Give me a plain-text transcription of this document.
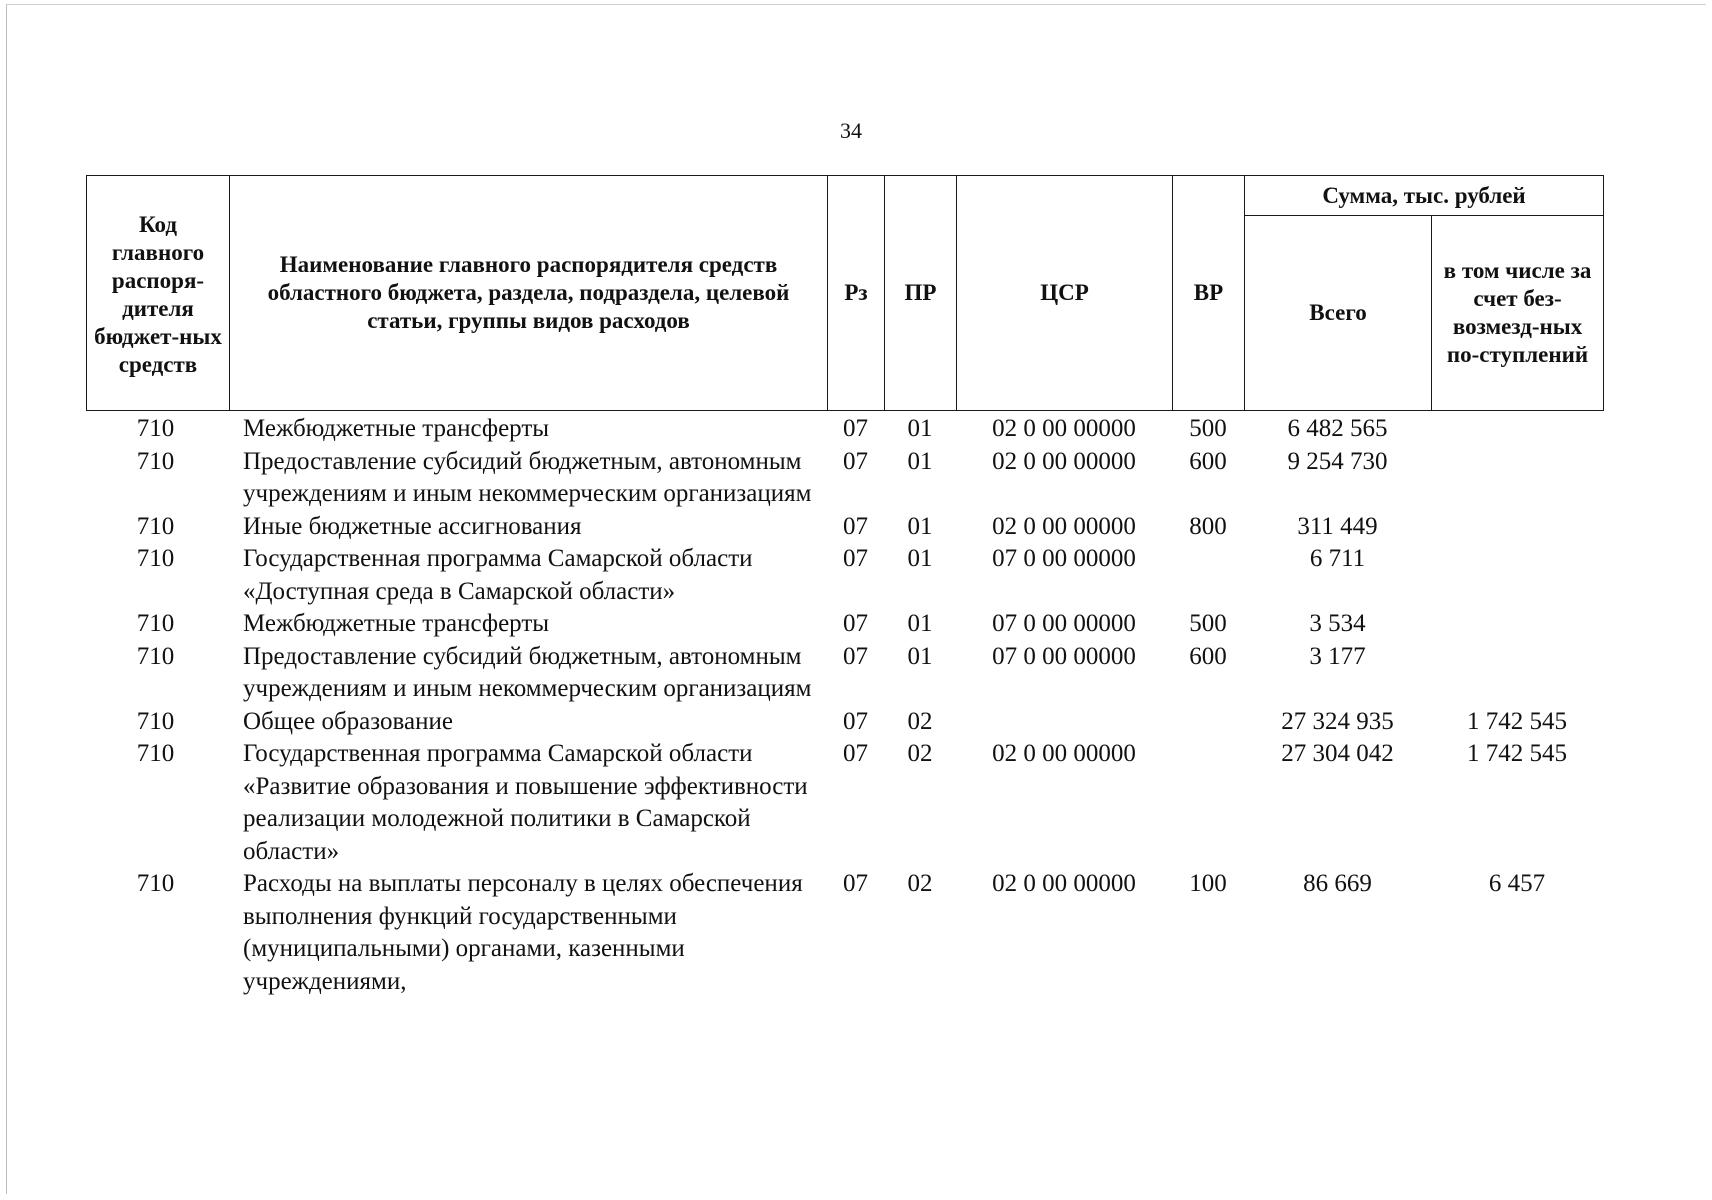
34
Код главного распоря-дителя бюджет-ных средств	Наименование главного распорядителя средств областного бюджета, раздела, подраздела, целевой статьи, группы видов расходов	Рз	ПР	ЦСР	ВР	Сумма, тыс. рублей	
						Всего	в том числе за счет без-возмезд-ных по-ступлений
710	Межбюджетные трансферты	07	01	02 0 00 00000	500	6 482 565	
710	Предоставление субсидий бюджетным, автономным учреждениям и иным некоммерческим организациям	07	01	02 0 00 00000	600	9 254 730	
710	Иные бюджетные ассигнования	07	01	02 0 00 00000	800	311 449	
710	Государственная программа Самарской области «Доступная среда в Самарской области»	07	01	07 0 00 00000		6 711	
710	Межбюджетные трансферты	07	01	07 0 00 00000	500	3 534	
710	Предоставление субсидий бюджетным, автономным учреждениям и иным некоммерческим организациям	07	01	07 0 00 00000	600	3 177	
710	Общее образование	07	02			27 324 935	1 742 545
710	Государственная программа Самарской области «Развитие образования и повышение эффективности реализации молодежной политики в Самарской области»	07	02	02 0 00 00000		27 304 042	1 742 545
710	Расходы на выплаты персоналу в целях обеспечения выполнения функций государственными (муниципальными) органами, казенными учреждениями,	07	02	02 0 00 00000	100	86 669	6 457
